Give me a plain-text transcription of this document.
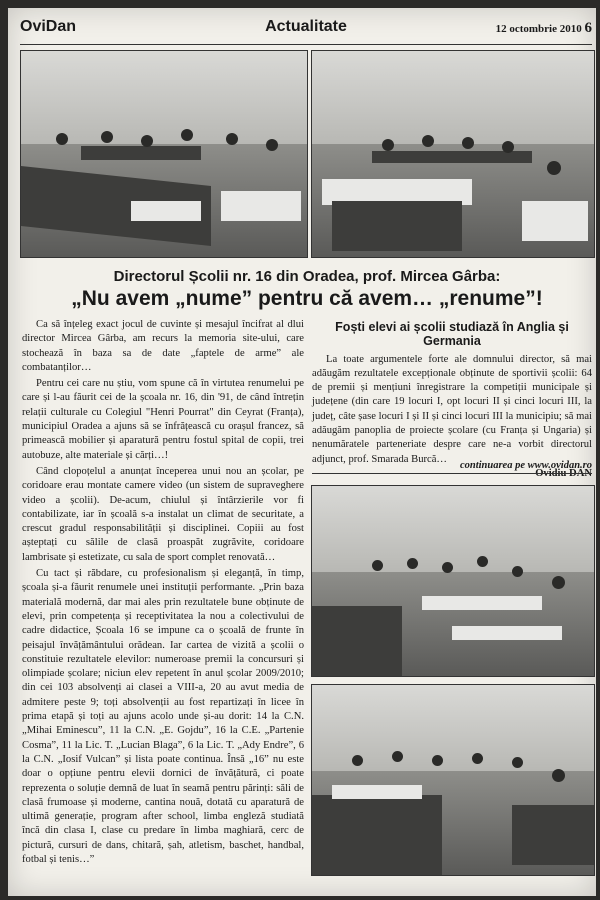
OviDan	Actualitate	12 octombrie 2010 6
Directorul Școlii nr. 16 din Oradea, prof. Mircea Gârba:
„Nu avem „nume” pentru că avem… „renume”!

Ca să înțeleg exact jocul de cuvinte și mesajul încifrat al dlui director Mircea Gârba, am recurs la memoria site-ului, care stochează în baza sa de date „faptele de arme” ale combatanților…

Pentru cei care nu știu, vom spune că în virtutea renumelui pe care și l-au făurit cei de la școala nr. 16, din '91, de când întrețin relații culturale cu Colegiul "Henri Pourrat" din Ceyrat (Franța), municipiul Oradea a ajuns să se înfrățească cu orașul francez, să primească mobilier și aparatură pentru fostul spital de copii, trei autobuze, alte materiale și cărți…!

Când clopoțelul a anunțat începerea unui nou an școlar, pe coridoare erau montate camere video (un sistem de supraveghere video a școlii). De-acum, chiulul și întârzierile vor fi contabilizate, iar în școală s-a instalat un climat de securitate, a crescut gradul responsabilității și disciplinei. Copiii au fost așteptați cu sălile de clasă proaspăt zugrăvite, coridoare lambrisate și estetizate, cu sala de sport complet renovată…

Cu tact și răbdare, cu profesionalism și eleganță, în timp, școala și-a făurit renumele unei instituții performante. „Prin baza materială modernă, dar mai ales prin rezultatele bune obținute de elevi, prin competența și receptivitatea la nou a colectivului de cadre didactice, Școala 16 se impune ca o școală de frunte în peisajul învățământului orădean. Iar cartea de vizită a școlii o constituie rezultatele elevilor: numeroase premii la concursuri și olimpiade școlare; niciun elev repetent în anul școlar 2009/2010; din cei 103 absolvenți ai clasei a VIII-a, 20 au avut media de admitere peste 9; toți absolvenții au fost repartizați în licee în prima etapă și toți au ajuns acolo unde și-au dorit: 14 la C.N. „Mihai Eminescu”, 11 la C.N. „E. Gojdu”, 16 la C.E. „Partenie Cosma”, 11 la Lic. T. „Lucian Blaga”, 6 la Lic. T. „Ady Endre”, 6 la C.N. „Iosif Vulcan” și lista poate continua. Însă „16” nu este doar o opțiune pentru elevii dornici de învățătură, ci poate reprezenta o soluție demnă de luat în seamă pentru părinți: săli de clasă frumoase și moderne, cantina nouă, dotată cu aparatură de ultimă generație, program after school, limba engleză studiată încă din clasa I, clase cu predare în limba maghiară, cerc de pictură, cursuri de dans, chitară, șah, atletism, baschet, handbal, fotbal și tenis…”

Foști elevi ai școlii studiază în Anglia și Germania

La toate argumentele forte ale domnului director, să mai adăugăm rezultatele excepționale obținute de sportivii școlii: 64 de premii și mențiuni înregistrare la competiții municipale și județene (din care 19 locuri I, opt locuri II și cinci locuri III, la județ, câte șase locuri I și II și cinci locuri III la municipiu; să mai adăugăm panoplia de proiecte școlare (cu Franța și Ungaria) și nenumăratele parteneriate despre care ne-a vorbit directorul adjunct, prof. Smarada Burcă…

Ovidiu DAN
continuarea pe www.ovidan.ro
